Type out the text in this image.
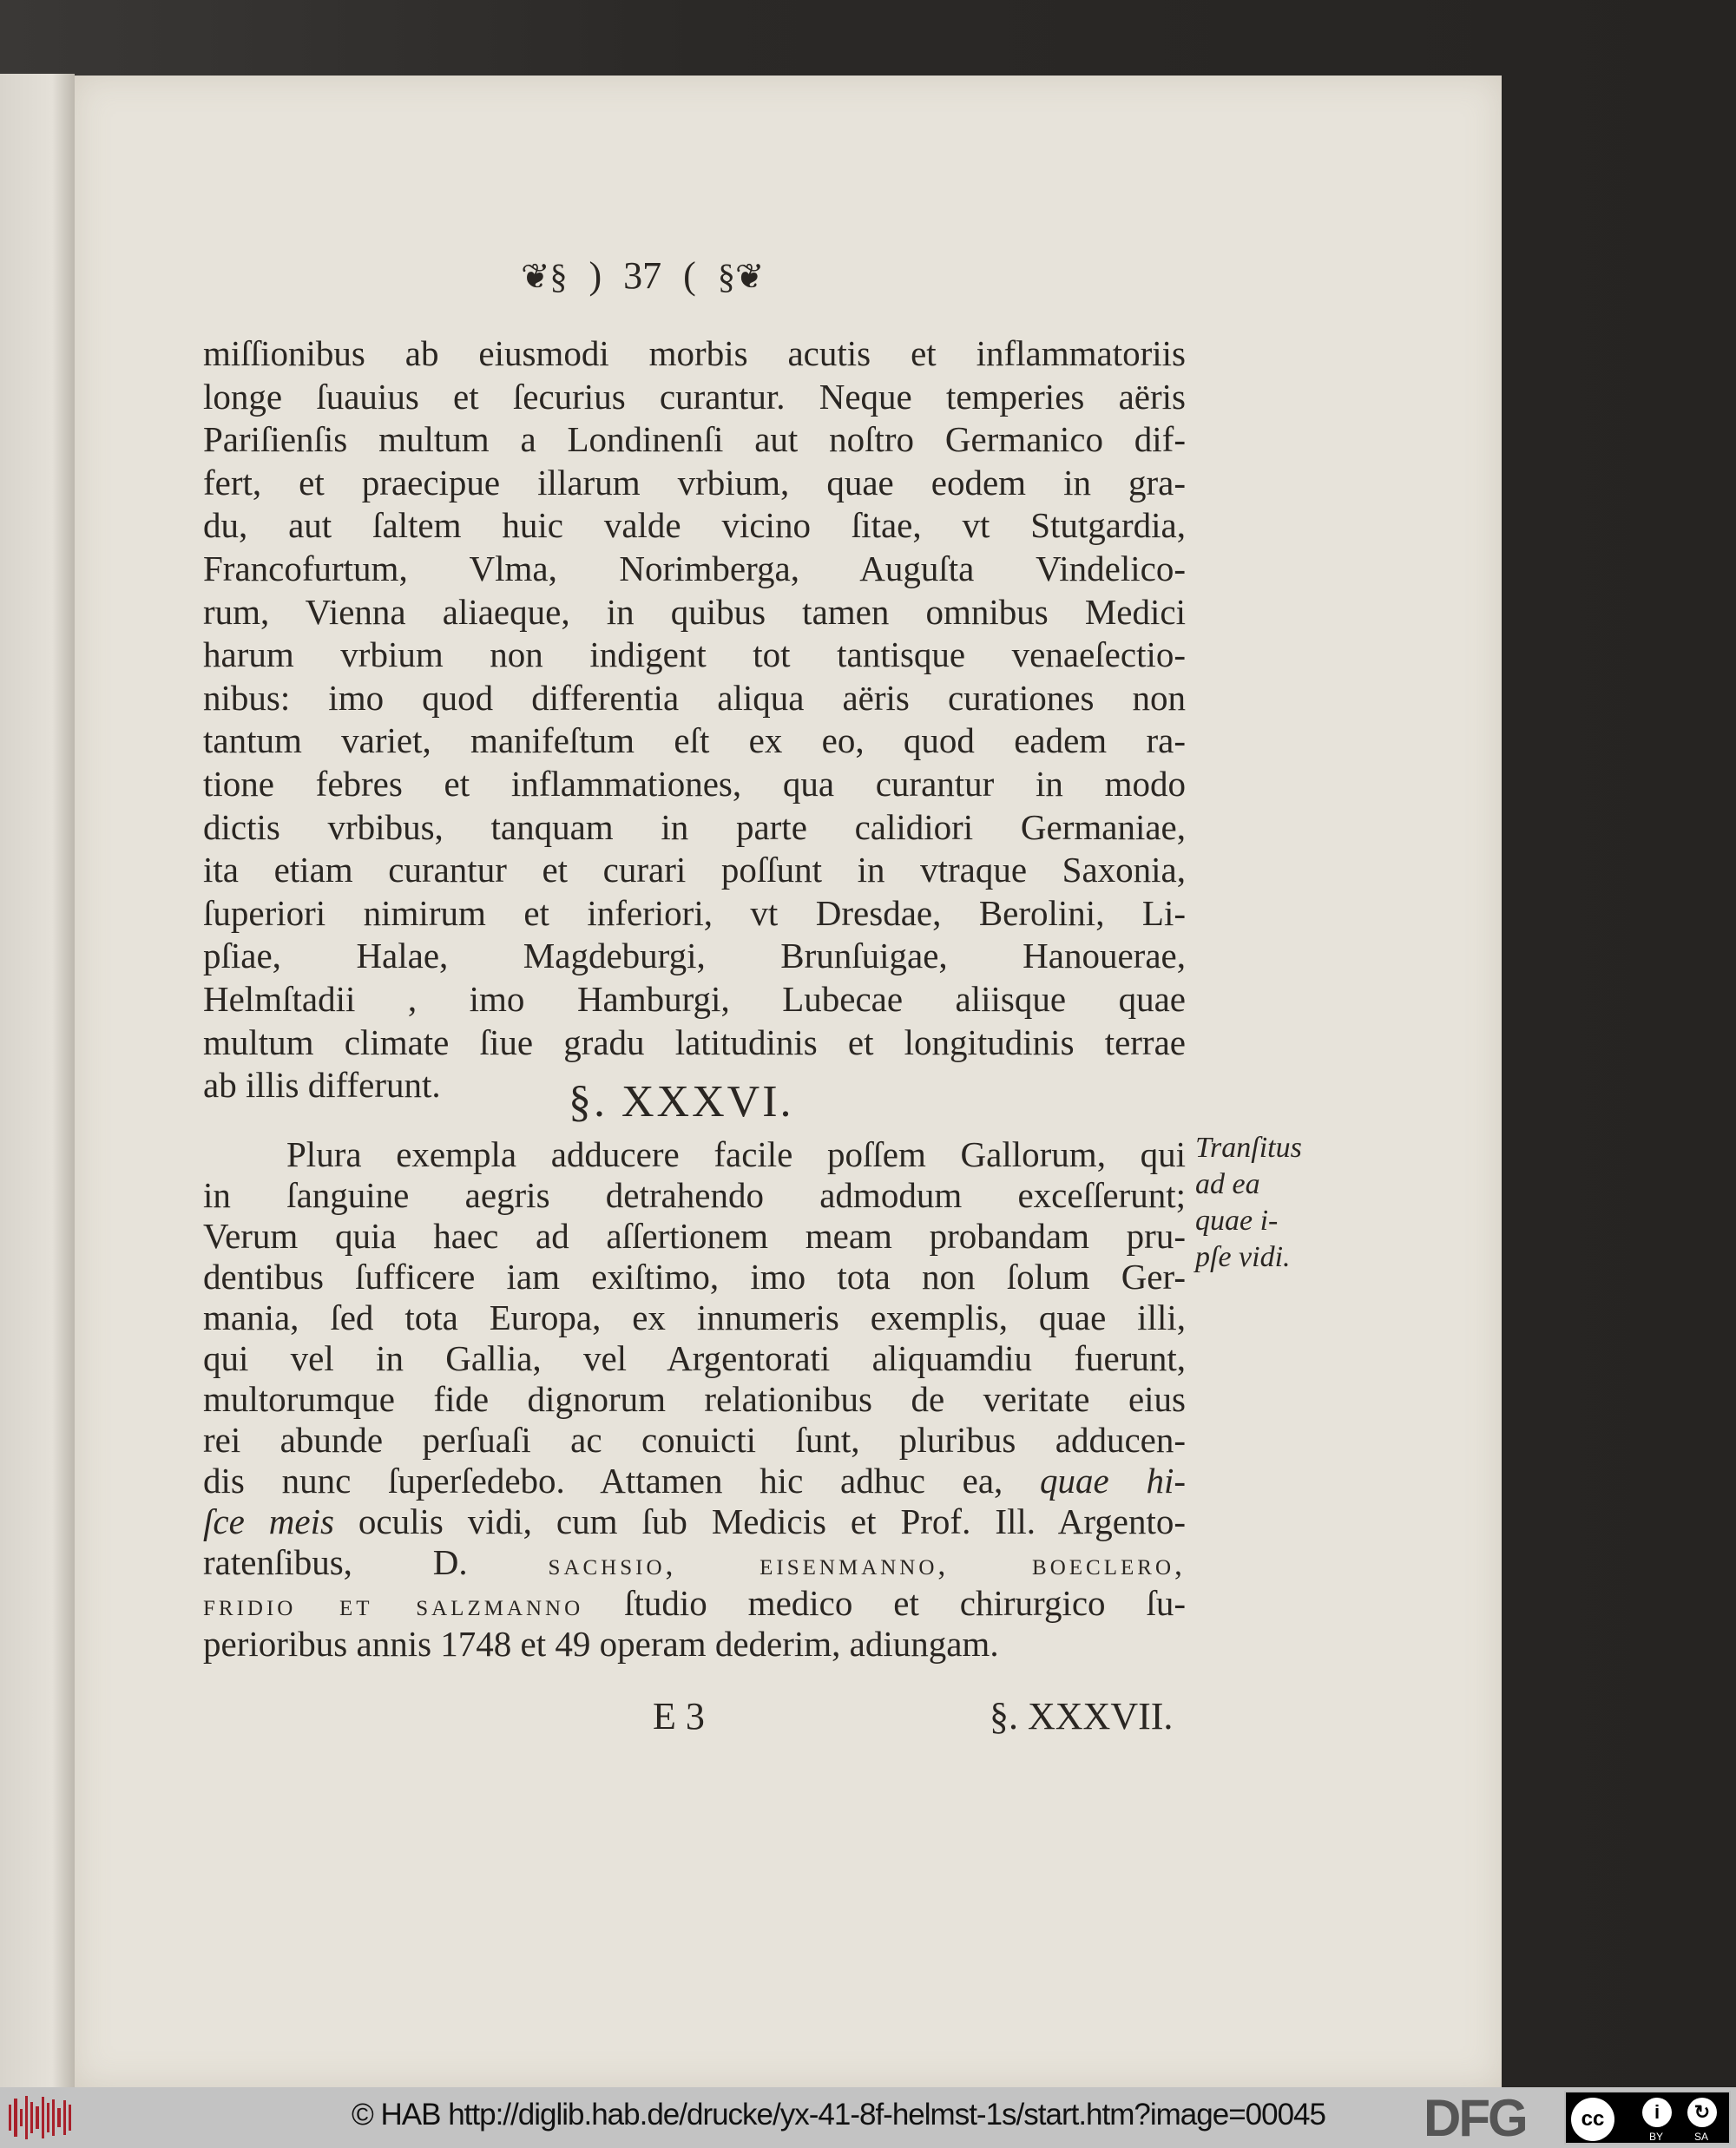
❦§ ) 37 ( §❦
miſſionibus ab eiusmodi morbis acutis et inflammatoriis
longe ſuauius et ſecurius curantur. Neque temperies aëris
Pariſienſis multum a Londinenſi aut noſtro Germanico dif-
fert, et praecipue illarum vrbium, quae eodem in gra-
du, aut ſaltem huic valde vicino ſitae, vt Stutgardia,
Francofurtum, Vlma, Norimberga, Auguſta Vindelico-
rum, Vienna aliaeque, in quibus tamen omnibus Medici
harum vrbium non indigent tot tantisque venaeſectio-
nibus: imo quod differentia aliqua aëris curationes non
tantum variet, manifeſtum eſt ex eo, quod eadem ra-
tione febres et inflammationes, qua curantur in modo
dictis vrbibus, tanquam in parte calidiori Germaniae,
ita etiam curantur et curari poſſunt in vtraque Saxonia,
ſuperiori nimirum et inferiori, vt Dresdae, Berolini, Li-
pſiae, Halae, Magdeburgi, Brunſuigae, Hanouerae,
Helmſtadii , imo Hamburgi, Lubecae aliisque quae
multum climate ſiue gradu latitudinis et longitudinis terrae
ab illis differunt.	§. XXXVI.
Tranſitus
ad ea
quae i-
pſe vidi.
Plura exempla adducere facile poſſem Gallorum, qui
in ſanguine aegris detrahendo admodum exceſſerunt;
Verum quia haec ad aſſertionem meam probandam pru-
dentibus ſufficere iam exiſtimo, imo tota non ſolum Ger-
mania, ſed tota Europa, ex innumeris exemplis, quae illi,
qui vel in Gallia, vel Argentorati aliquamdiu fuerunt,
multorumque fide dignorum relationibus de veritate eius
rei abunde perſuaſi ac conuicti ſunt, pluribus adducen-
dis nunc ſuperſedebo. Attamen hic adhuc ea, quae hi-
ſce meis oculis vidi, cum ſub Medicis et Prof. Ill. Argento-
ratenſibus, D. sachsio, eisenmanno, boeclero,
fridio et salzmanno ſtudio medico et chirurgico ſu-
perioribus annis 1748 et 49 operam dederim, adiungam.
E 3	§. XXXVII.
© HAB http://diglib.hab.de/drucke/yx-41-8f-helmst-1s/start.htm?image=00045 DFG	cc	i	↻
BY	SA
